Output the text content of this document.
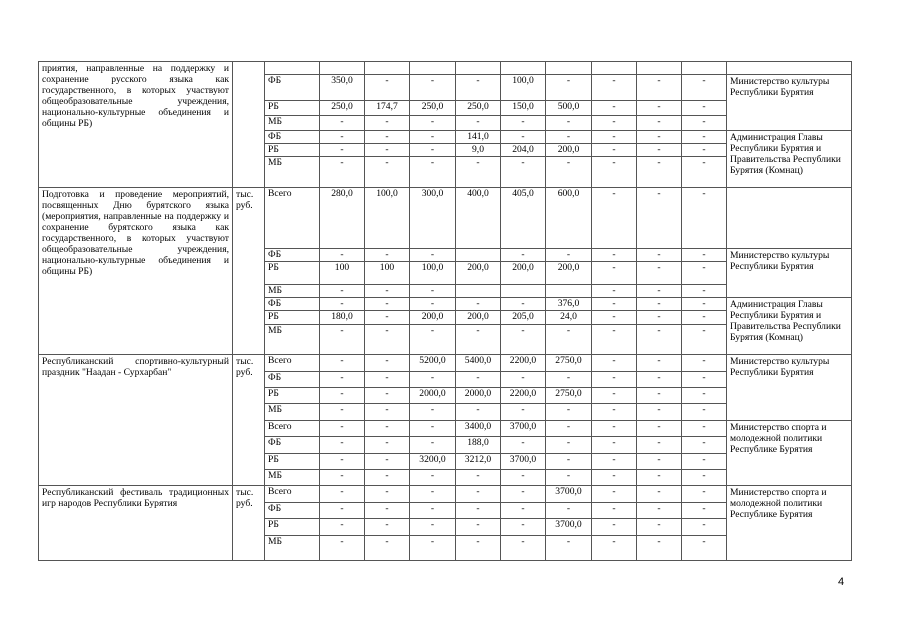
приятия, направленные на поддержку и сохранение русского языка как государственного, в которых участвуют общеобразовательные учреждения, национально-культурные объединения и общины РБ)												
		ФБ	350,0	-	-	-	100,0	-	-	-	-	Министерство культуры Республики Бурятия
		РБ	250,0	174,7	250,0	250,0	150,0	500,0	-	-	-	
		МБ	-	-	-	-	-	-	-	-	-	
		ФБ	-	-	-	141,0	-	-	-	-	-	Администрация Главы Республики Бурятия и Правительства Республики Бурятия (Комнац)
		РБ	-	-	-	9,0	204,0	200,0	-	-	-	
		МБ	-	-	-	-	-	-	-	-	-	
Подготовка и проведение мероприятий, посвященных Дню бурятского языка (мероприятия, направленные на поддержку и сохранение бурятского языка как государственного, в которых участвуют общеобразовательные учреждения, национально-культурные объединения и общины РБ)	тыс. руб.	Всего	280,0	100,0	300,0	400,0	405,0	600,0	-	-	-	
		ФБ	-	-	-		-	-	-	-	-	Министерство культуры Республики Бурятия
		РБ	100	100	100,0	200,0	200,0	200,0	-	-	-	
		МБ	-	-	-				-	-	-	
		ФБ	-	-	-	-	-	376,0	-	-	-	Администрация Главы Республики Бурятия и Правительства Республики Бурятия (Комнац)
		РБ	180,0	-	200,0	200,0	205,0	24,0	-	-	-	
		МБ	-	-	-	-	-	-	-	-	-	
Республиканский спортивно-культурный праздник "Наадан - Сурхарбан"	тыс. руб.	Всего	-	-	5200,0	5400,0	2200,0	2750,0	-	-	-	Министерство культуры Республики Бурятия
		ФБ	-	-	-	-	-	-	-	-	-	
		РБ	-	-	2000,0	2000,0	2200,0	2750,0	-	-	-	
		МБ	-	-	-	-	-	-	-	-	-	
		Всего	-	-	-	3400,0	3700,0	-	-	-	-	Министерство спорта и молодежной политики Республике Бурятия
		ФБ	-	-	-	188,0	-	-	-	-	-	
		РБ	-	-	3200,0	3212,0	3700,0	-	-	-	-	
		МБ	-	-	-	-	-	-	-	-	-	
Республиканский фестиваль традиционных игр народов Республики Бурятия	тыс. руб.	Всего	-	-	-	-	-	3700,0	-	-	-	Министерство спорта и молодежной политики Республике Бурятия
		ФБ	-	-	-	-	-	-	-	-	-	
		РБ	-	-	-	-	-	3700,0	-	-	-	
		МБ	-	-	-	-	-	-	-	-	-	
4
